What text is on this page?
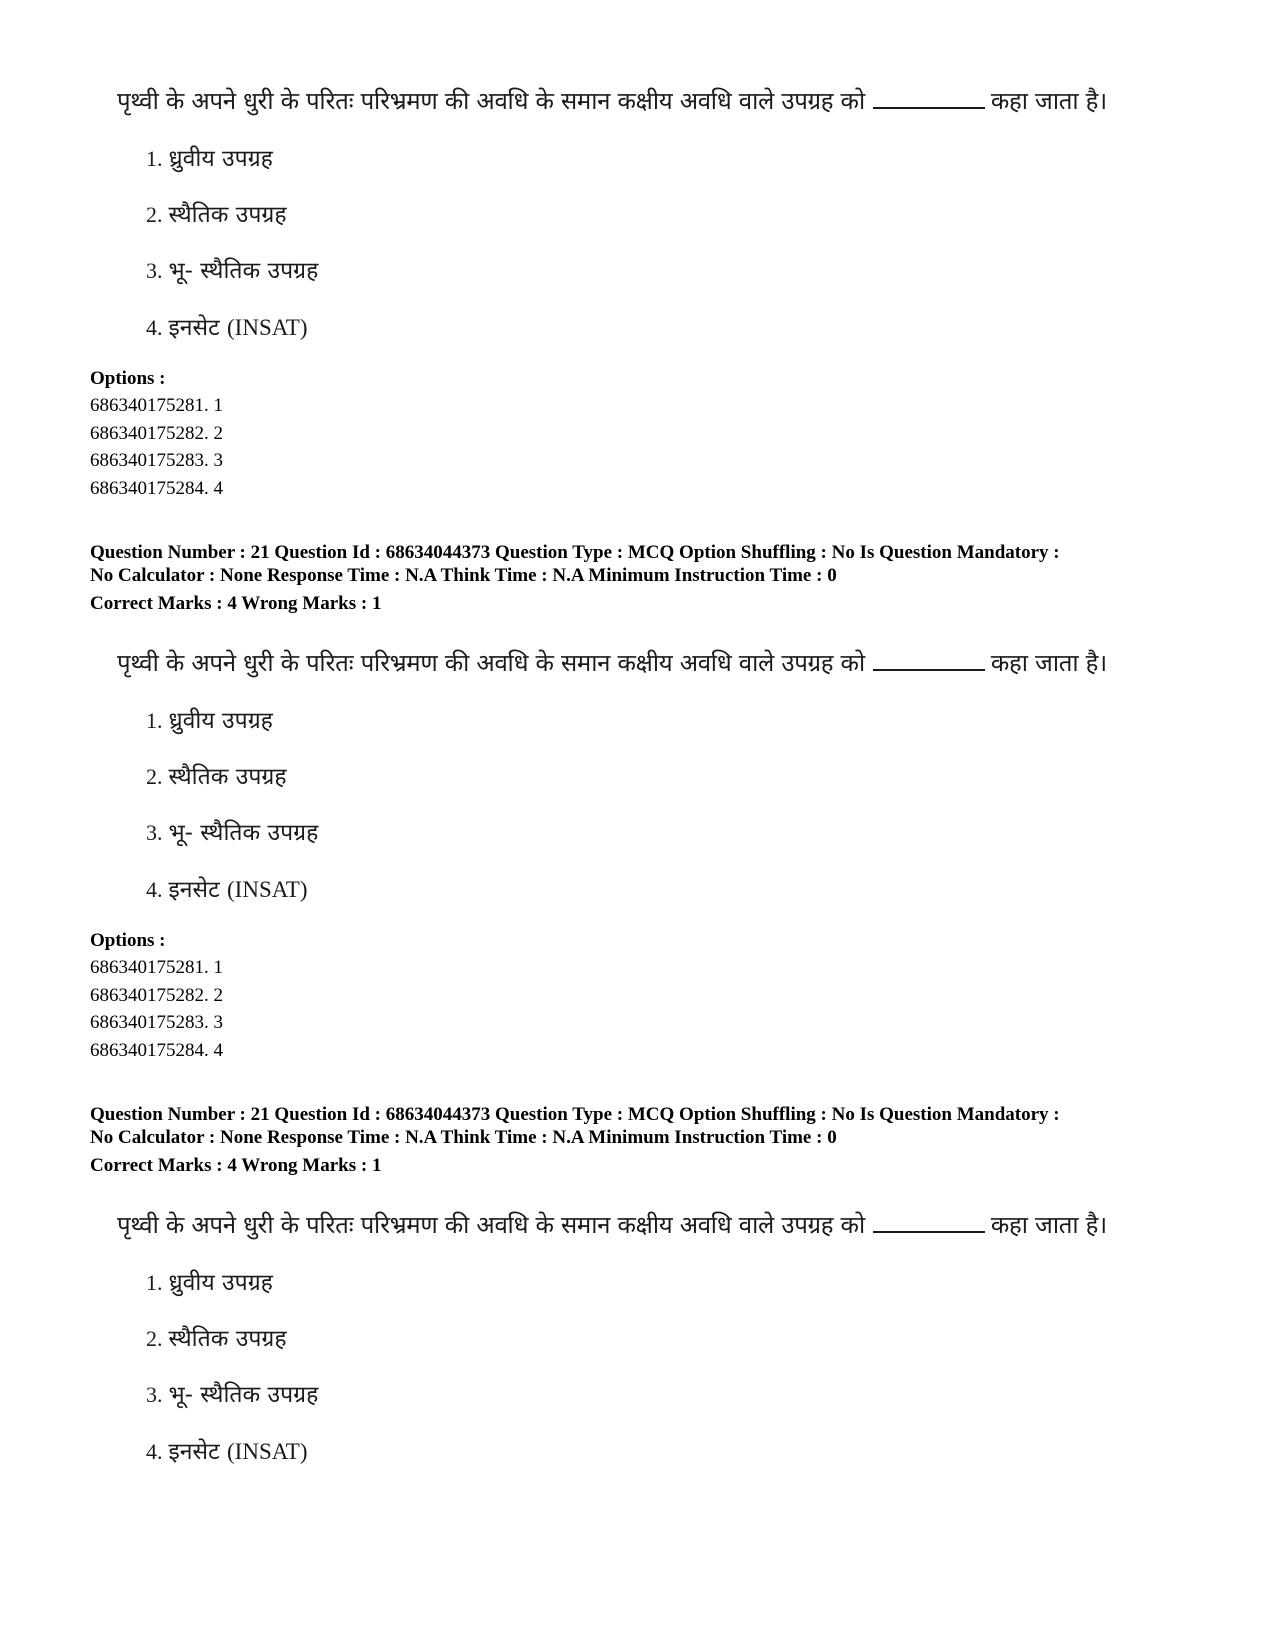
पृथ्वी के अपने धुरी के परितः परिभ्रमण की अवधि के समान कक्षीय अवधि वाले उपग्रह को	कहा जाता है।
1. ध्रुवीय उपग्रह
2. स्थैतिक उपग्रह
3. भू- स्थैतिक उपग्रह
4. इनसेट (INSAT)
Options :
686340175281. 1
686340175282. 2
686340175283. 3
686340175284. 4
Question Number : 21 Question Id : 68634044373 Question Type : MCQ Option Shuffling : No Is Question Mandatory :
No Calculator : None Response Time : N.A Think Time : N.A Minimum Instruction Time : 0
Correct Marks : 4 Wrong Marks : 1
पृथ्वी के अपने धुरी के परितः परिभ्रमण की अवधि के समान कक्षीय अवधि वाले उपग्रह को	कहा जाता है।
1. ध्रुवीय उपग्रह
2. स्थैतिक उपग्रह
3. भू- स्थैतिक उपग्रह
4. इनसेट (INSAT)
Options :
686340175281. 1
686340175282. 2
686340175283. 3
686340175284. 4
Question Number : 21 Question Id : 68634044373 Question Type : MCQ Option Shuffling : No Is Question Mandatory :
No Calculator : None Response Time : N.A Think Time : N.A Minimum Instruction Time : 0
Correct Marks : 4 Wrong Marks : 1
पृथ्वी के अपने धुरी के परितः परिभ्रमण की अवधि के समान कक्षीय अवधि वाले उपग्रह को	कहा जाता है।
1. ध्रुवीय उपग्रह
2. स्थैतिक उपग्रह
3. भू- स्थैतिक उपग्रह
4. इनसेट (INSAT)
